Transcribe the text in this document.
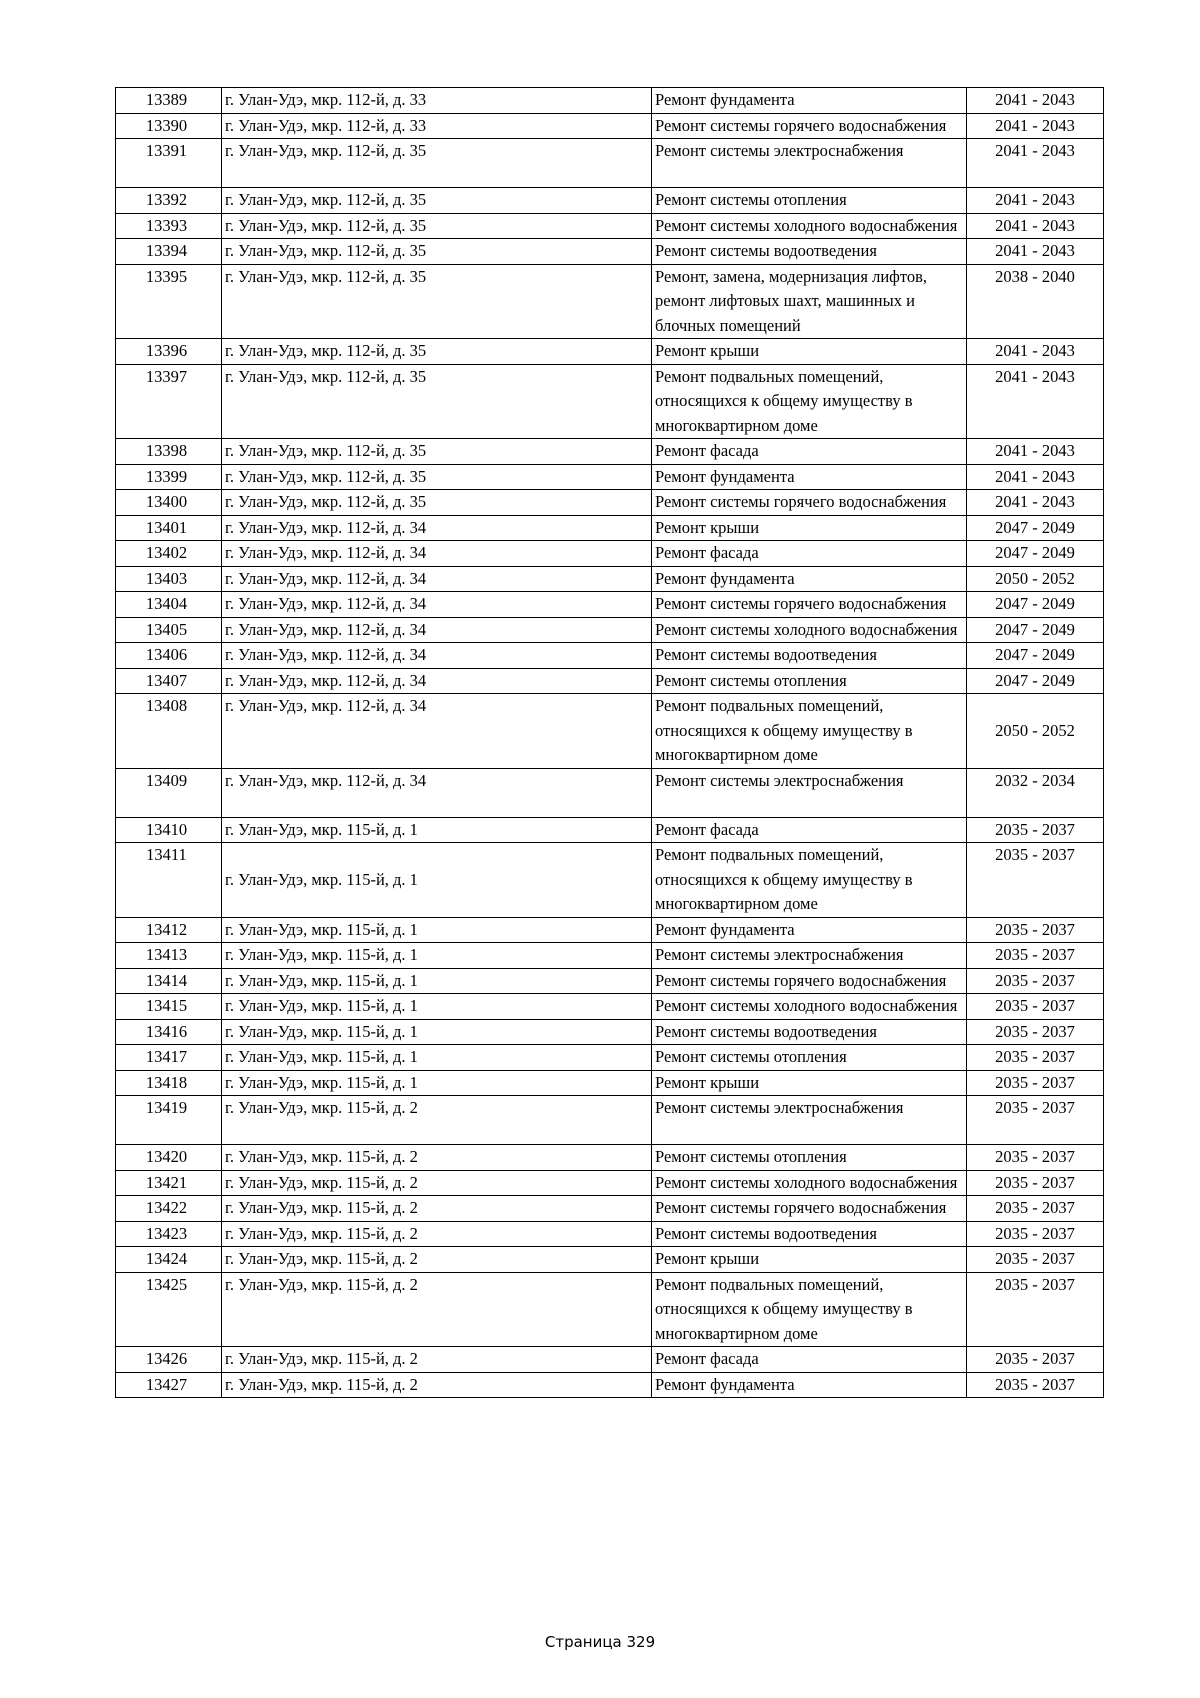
13389	г. Улан-Удэ, мкр. 112-й, д. 33	Ремонт фундамента	2041 - 2043
13390	г. Улан-Удэ, мкр. 112-й, д. 33	Ремонт системы горячего водоснабжения	2041 - 2043
13391	г. Улан-Удэ, мкр. 112-й, д. 35	Ремонт системы электроснабжения	2041 - 2043
13392	г. Улан-Удэ, мкр. 112-й, д. 35	Ремонт системы отопления	2041 - 2043
13393	г. Улан-Удэ, мкр. 112-й, д. 35	Ремонт системы холодного водоснабжения	2041 - 2043
13394	г. Улан-Удэ, мкр. 112-й, д. 35	Ремонт системы водоотведения	2041 - 2043
13395	г. Улан-Удэ, мкр. 112-й, д. 35	Ремонт, замена, модернизация лифтов, ремонт лифтовых шахт, машинных и блочных помещений	2038 - 2040
13396	г. Улан-Удэ, мкр. 112-й, д. 35	Ремонт крыши	2041 - 2043
13397	г. Улан-Удэ, мкр. 112-й, д. 35	Ремонт подвальных помещений, относящихся к общему имуществу в многоквартирном доме	2041 - 2043
13398	г. Улан-Удэ, мкр. 112-й, д. 35	Ремонт фасада	2041 - 2043
13399	г. Улан-Удэ, мкр. 112-й, д. 35	Ремонт фундамента	2041 - 2043
13400	г. Улан-Удэ, мкр. 112-й, д. 35	Ремонт системы горячего водоснабжения	2041 - 2043
13401	г. Улан-Удэ, мкр. 112-й, д. 34	Ремонт крыши	2047 - 2049
13402	г. Улан-Удэ, мкр. 112-й, д. 34	Ремонт фасада	2047 - 2049
13403	г. Улан-Удэ, мкр. 112-й, д. 34	Ремонт фундамента	2050 - 2052
13404	г. Улан-Удэ, мкр. 112-й, д. 34	Ремонт системы горячего водоснабжения	2047 - 2049
13405	г. Улан-Удэ, мкр. 112-й, д. 34	Ремонт системы холодного водоснабжения	2047 - 2049
13406	г. Улан-Удэ, мкр. 112-й, д. 34	Ремонт системы водоотведения	2047 - 2049
13407	г. Улан-Удэ, мкр. 112-й, д. 34	Ремонт системы отопления	2047 - 2049
13408	г. Улан-Удэ, мкр. 112-й, д. 34	Ремонт подвальных помещений, относящихся к общему имуществу в многоквартирном доме	2050 - 2052
13409	г. Улан-Удэ, мкр. 112-й, д. 34	Ремонт системы электроснабжения	2032 - 2034
13410	г. Улан-Удэ, мкр. 115-й, д. 1	Ремонт фасада	2035 - 2037
13411	г. Улан-Удэ, мкр. 115-й, д. 1	Ремонт подвальных помещений, относящихся к общему имуществу в многоквартирном доме	2035 - 2037
13412	г. Улан-Удэ, мкр. 115-й, д. 1	Ремонт фундамента	2035 - 2037
13413	г. Улан-Удэ, мкр. 115-й, д. 1	Ремонт системы электроснабжения	2035 - 2037
13414	г. Улан-Удэ, мкр. 115-й, д. 1	Ремонт системы горячего водоснабжения	2035 - 2037
13415	г. Улан-Удэ, мкр. 115-й, д. 1	Ремонт системы холодного водоснабжения	2035 - 2037
13416	г. Улан-Удэ, мкр. 115-й, д. 1	Ремонт системы водоотведения	2035 - 2037
13417	г. Улан-Удэ, мкр. 115-й, д. 1	Ремонт системы отопления	2035 - 2037
13418	г. Улан-Удэ, мкр. 115-й, д. 1	Ремонт крыши	2035 - 2037
13419	г. Улан-Удэ, мкр. 115-й, д. 2	Ремонт системы электроснабжения	2035 - 2037
13420	г. Улан-Удэ, мкр. 115-й, д. 2	Ремонт системы отопления	2035 - 2037
13421	г. Улан-Удэ, мкр. 115-й, д. 2	Ремонт системы холодного водоснабжения	2035 - 2037
13422	г. Улан-Удэ, мкр. 115-й, д. 2	Ремонт системы горячего водоснабжения	2035 - 2037
13423	г. Улан-Удэ, мкр. 115-й, д. 2	Ремонт системы водоотведения	2035 - 2037
13424	г. Улан-Удэ, мкр. 115-й, д. 2	Ремонт крыши	2035 - 2037
13425	г. Улан-Удэ, мкр. 115-й, д. 2	Ремонт подвальных помещений, относящихся к общему имуществу в многоквартирном доме	2035 - 2037
13426	г. Улан-Удэ, мкр. 115-й, д. 2	Ремонт фасада	2035 - 2037
13427	г. Улан-Удэ, мкр. 115-й, д. 2	Ремонт фундамента	2035 - 2037
Страница 329
